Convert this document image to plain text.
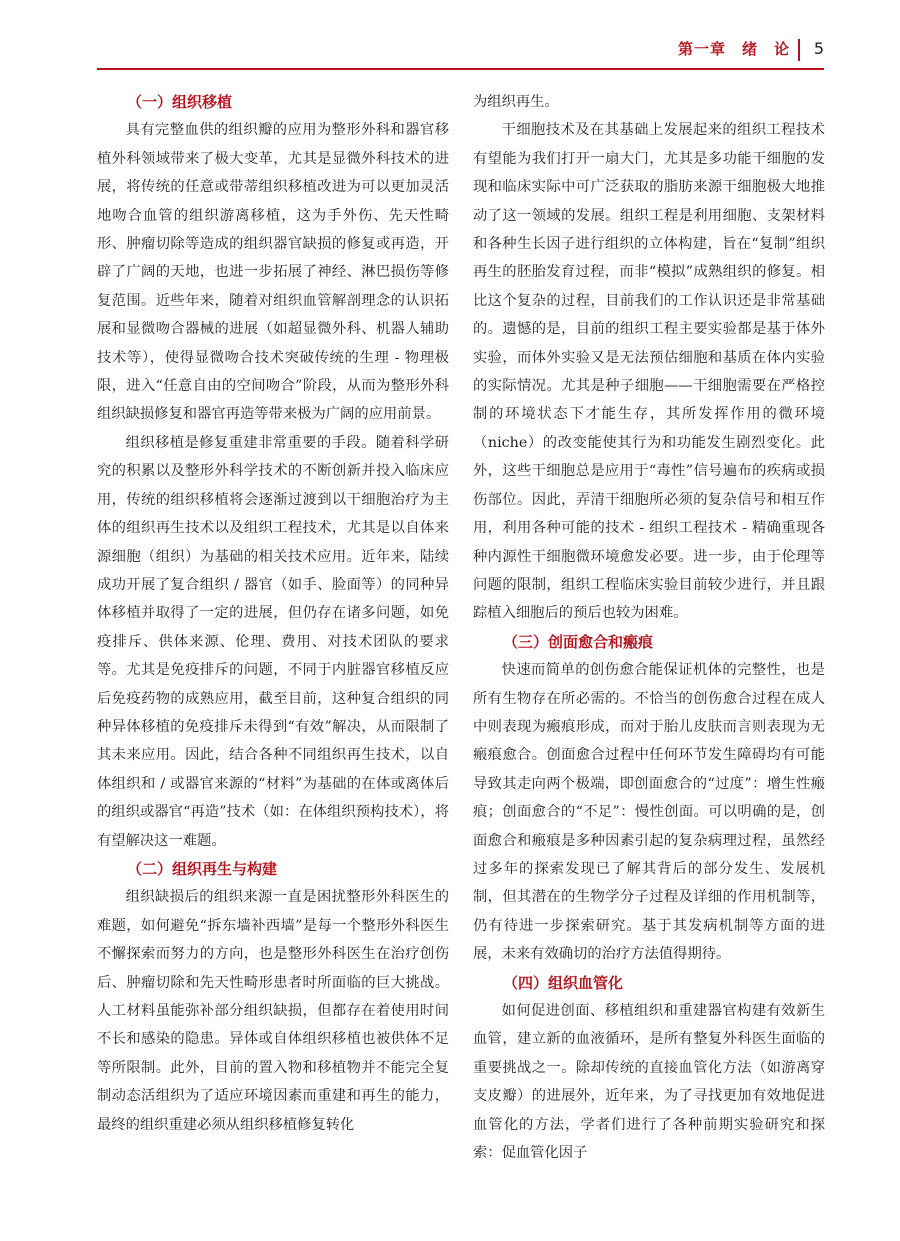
第一章　绪　论 5

（一）组织移植

具有完整血供的组织瓣的应用为整形外科和器官移植外科领域带来了极大变革，尤其是显微外科技术的进展，将传统的任意或带蒂组织移植改进为可以更加灵活地吻合血管的组织游离移植，这为手外伤、先天性畸形、肿瘤切除等造成的组织器官缺损的修复或再造，开辟了广阔的天地，也进一步拓展了神经、淋巴损伤等修复范围。近些年来，随着对组织血管解剖理念的认识拓展和显微吻合器械的进展（如超显微外科、机器人辅助技术等），使得显微吻合技术突破传统的生理 - 物理极限，进入“任意自由的空间吻合”阶段，从而为整形外科组织缺损修复和器官再造等带来极为广阔的应用前景。

组织移植是修复重建非常重要的手段。随着科学研究的积累以及整形外科学技术的不断创新并投入临床应用，传统的组织移植将会逐渐过渡到以干细胞治疗为主体的组织再生技术以及组织工程技术，尤其是以自体来源细胞（组织）为基础的相关技术应用。近年来，陆续成功开展了复合组织 / 器官（如手、脸面等）的同种异体移植并取得了一定的进展，但仍存在诸多问题，如免疫排斥、供体来源、伦理、费用、对技术团队的要求等。尤其是免疫排斥的问题，不同于内脏器官移植反应后免疫药物的成熟应用，截至目前，这种复合组织的同种异体移植的免疫排斥未得到“有效”解决，从而限制了其未来应用。因此，结合各种不同组织再生技术，以自体组织和 / 或器官来源的“材料”为基础的在体或离体后的组织或器官“再造”技术（如：在体组织预构技术），将有望解决这一难题。

（二）组织再生与构建

组织缺损后的组织来源一直是困扰整形外科医生的难题，如何避免“拆东墙补西墙”是每一个整形外科医生不懈探索而努力的方向，也是整形外科医生在治疗创伤后、肿瘤切除和先天性畸形患者时所面临的巨大挑战。人工材料虽能弥补部分组织缺损，但都存在着使用时间不长和感染的隐患。异体或自体组织移植也被供体不足等所限制。此外，目前的置入物和移植物并不能完全复制动态活组织为了适应环境因素而重建和再生的能力，最终的组织重建必须从组织移植修复转化

为组织再生。

干细胞技术及在其基础上发展起来的组织工程技术有望能为我们打开一扇大门，尤其是多功能干细胞的发现和临床实际中可广泛获取的脂肪来源干细胞极大地推动了这一领域的发展。组织工程是利用细胞、支架材料和各种生长因子进行组织的立体构建，旨在“复制”组织再生的胚胎发育过程，而非“模拟”成熟组织的修复。相比这个复杂的过程，目前我们的工作认识还是非常基础的。遗憾的是，目前的组织工程主要实验都是基于体外实验，而体外实验又是无法预估细胞和基质在体内实验的实际情况。尤其是种子细胞——干细胞需要在严格控制的环境状态下才能生存，其所发挥作用的微环境（niche）的改变能使其行为和功能发生剧烈变化。此外，这些干细胞总是应用于“毒性”信号遍布的疾病或损伤部位。因此，弄清干细胞所必须的复杂信号和相互作用，利用各种可能的技术 - 组织工程技术 - 精确重现各种内源性干细胞微环境愈发必要。进一步，由于伦理等问题的限制，组织工程临床实验目前较少进行，并且跟踪植入细胞后的预后也较为困难。

（三）创面愈合和瘢痕

快速而简单的创伤愈合能保证机体的完整性，也是所有生物存在所必需的。不恰当的创伤愈合过程在成人中则表现为瘢痕形成，而对于胎儿皮肤而言则表现为无瘢痕愈合。创面愈合过程中任何环节发生障碍均有可能导致其走向两个极端，即创面愈合的“过度”：增生性瘢痕；创面愈合的“不足”：慢性创面。可以明确的是，创面愈合和瘢痕是多种因素引起的复杂病理过程，虽然经过多年的探索发现已了解其背后的部分发生、发展机制，但其潜在的生物学分子过程及详细的作用机制等，仍有待进一步探索研究。基于其发病机制等方面的进展，未来有效确切的治疗方法值得期待。

（四）组织血管化

如何促进创面、移植组织和重建器官构建有效新生血管，建立新的血液循环，是所有整复外科医生面临的重要挑战之一。除却传统的直接血管化方法（如游离穿支皮瓣）的进展外，近年来，为了寻找更加有效地促进血管化的方法，学者们进行了各种前期实验研究和探索：促血管化因子
